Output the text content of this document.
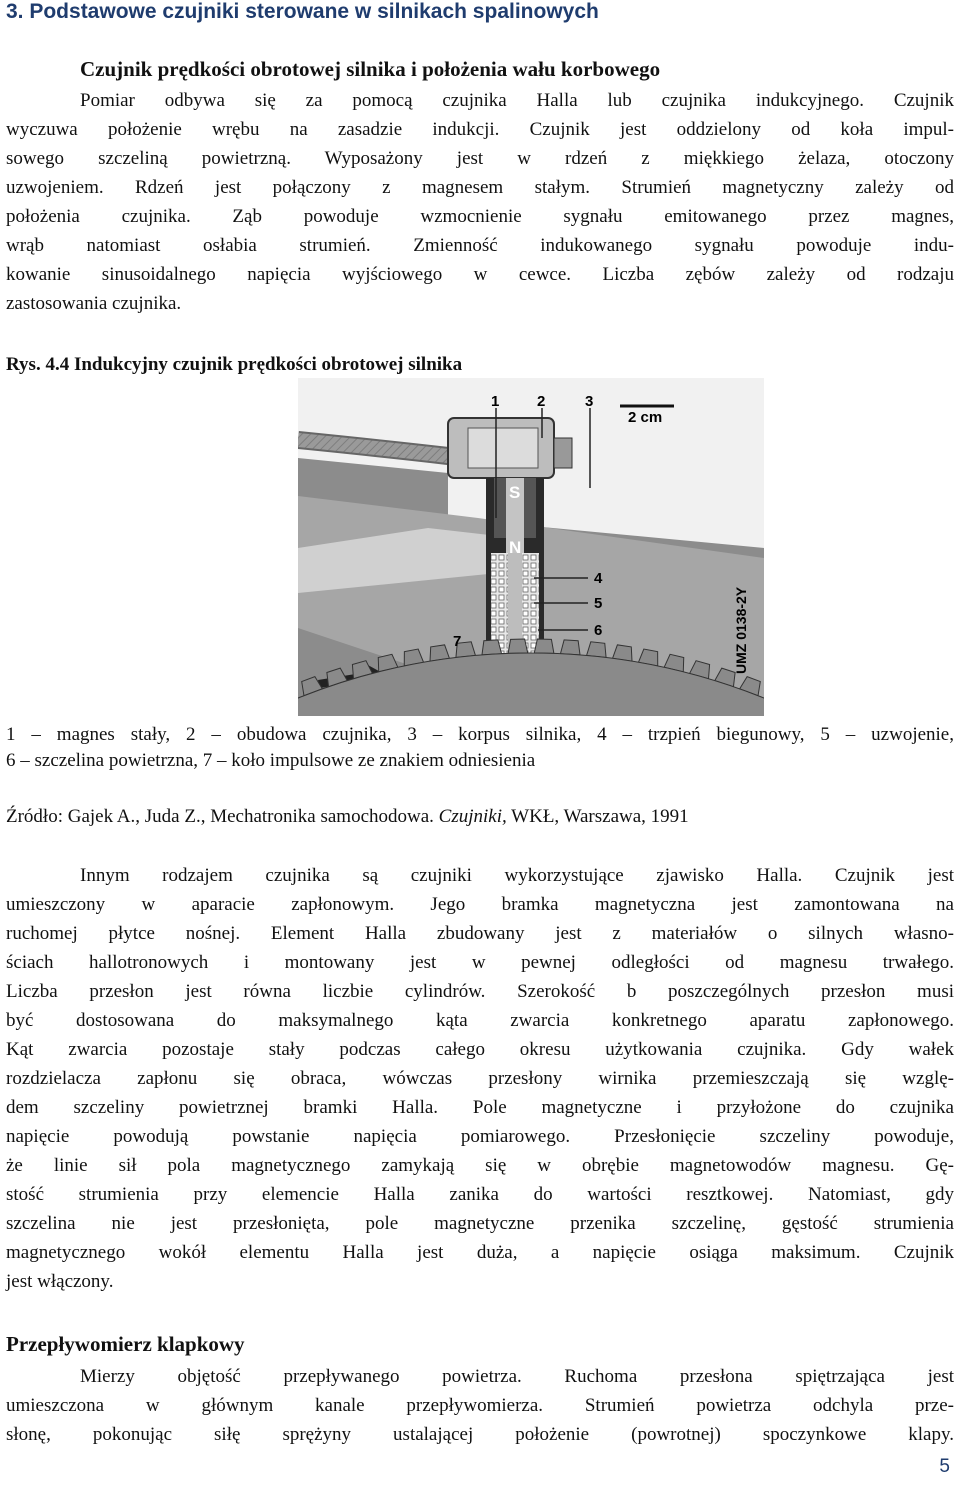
3. Podstawowe czujniki sterowane w silnikach spalinowych
Czujnik prędkości obrotowej silnika i położenia wału korbowego
Pomiar odbywa się za pomocą czujnika Halla lub czujnika indukcyjnego. Czujnik
wyczuwa położenie wrębu na zasadzie indukcji. Czujnik jest oddzielony od koła impul-
sowego szczeliną powietrzną. Wyposażony jest w rdzeń z miękkiego żelaza, otoczony
uzwojeniem. Rdzeń jest połączony z magnesem stałym. Strumień magnetyczny zależy od
położenia czujnika. Ząb powoduje wzmocnienie sygnału emitowanego przez magnes,
wrąb natomiast osłabia strumień. Zmienność indukowanego sygnału powoduje indu-
kowanie sinusoidalnego napięcia wyjściowego w cewce. Liczba zębów zależy od rodzaju
zastosowania czujnika.
Rys. 4.4 Indukcyjny czujnik prędkości obrotowej silnika
1	2	3
2 cm
S
N
4
5
6
7	UMZ 0138-2Y
1 – magnes stały, 2 – obudowa czujnika, 3 – korpus silnika, 4 – trzpień biegunowy, 5 – uzwojenie,
6 – szczelina powietrzna, 7 – koło impulsowe ze znakiem odniesienia
Źródło: Gajek A., Juda Z., Mechatronika samochodowa. Czujniki, WKŁ, Warszawa, 1991
Innym rodzajem czujnika są czujniki wykorzystujące zjawisko Halla. Czujnik jest
umieszczony w aparacie zapłonowym. Jego bramka magnetyczna jest zamontowana na
ruchomej płytce nośnej. Element Halla zbudowany jest z materiałów o silnych własno-
ściach hallotronowych i montowany jest w pewnej odległości od magnesu trwałego.
Liczba przesłon jest równa liczbie cylindrów. Szerokość b poszczególnych przesłon musi
być dostosowana do maksymalnego kąta zwarcia konkretnego aparatu zapłonowego.
Kąt zwarcia pozostaje stały podczas całego okresu użytkowania czujnika. Gdy wałek
rozdzielacza zapłonu się obraca, wówczas przesłony wirnika przemieszczają się wzglę-
dem szczeliny powietrznej bramki Halla. Pole magnetyczne i przyłożone do czujnika
napięcie powodują powstanie napięcia pomiarowego. Przesłonięcie szczeliny powoduje,
że linie sił pola magnetycznego zamykają się w obrębie magnetowodów magnesu. Gę-
stość strumienia przy elemencie Halla zanika do wartości resztkowej. Natomiast, gdy
szczelina nie jest przesłonięta, pole magnetyczne przenika szczelinę, gęstość strumienia
magnetycznego wokół elementu Halla jest duża, a napięcie osiąga maksimum. Czujnik
jest włączony.
Przepływomierz klapkowy
Mierzy objętość przepływanego powietrza. Ruchoma przesłona spiętrzająca jest
umieszczona w głównym kanale przepływomierza. Strumień powietrza odchyla prze-
słonę, pokonując siłę sprężyny ustalającej położenie (powrotnej) spoczynkowe klapy.
5
